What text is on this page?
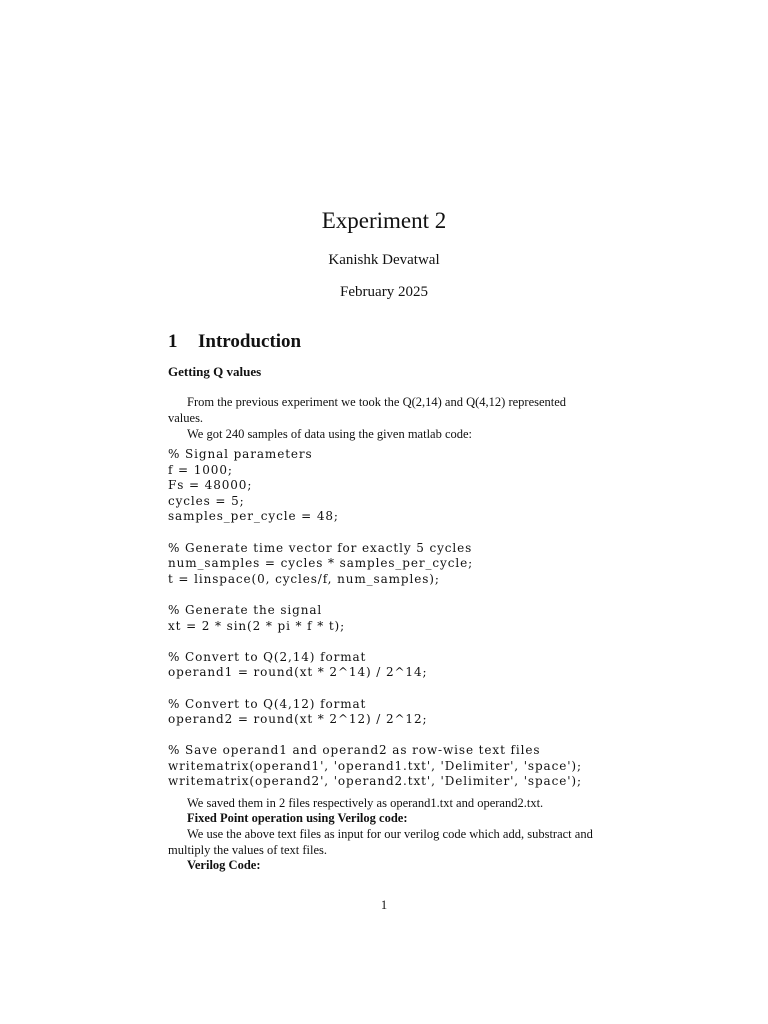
Experiment 2
Kanishk Devatwal
February 2025
1 Introduction
Getting Q values

From the previous experiment we took the Q(2,14) and Q(4,12) represented values.

We got 240 samples of data using the given matlab code:

% Signal parameters
f = 1000;
Fs = 48000;
cycles = 5;
samples_per_cycle = 48;
% Generate time vector for exactly 5 cycles
num_samples = cycles * samples_per_cycle;
t = linspace(0, cycles/f, num_samples);
% Generate the signal
xt = 2 * sin(2 * pi * f * t);
% Convert to Q(2,14) format
operand1 = round(xt * 2^14) / 2^14;
% Convert to Q(4,12) format
operand2 = round(xt * 2^12) / 2^12;
% Save operand1 and operand2 as row-wise text files
writematrix(operand1', 'operand1.txt', 'Delimiter', 'space');
writematrix(operand2', 'operand2.txt', 'Delimiter', 'space');

We saved them in 2 files respectively as operand1.txt and operand2.txt.

Fixed Point operation using Verilog code:

We use the above text files as input for our verilog code which add, substract and multiply the values of text files.

Verilog Code:

1
